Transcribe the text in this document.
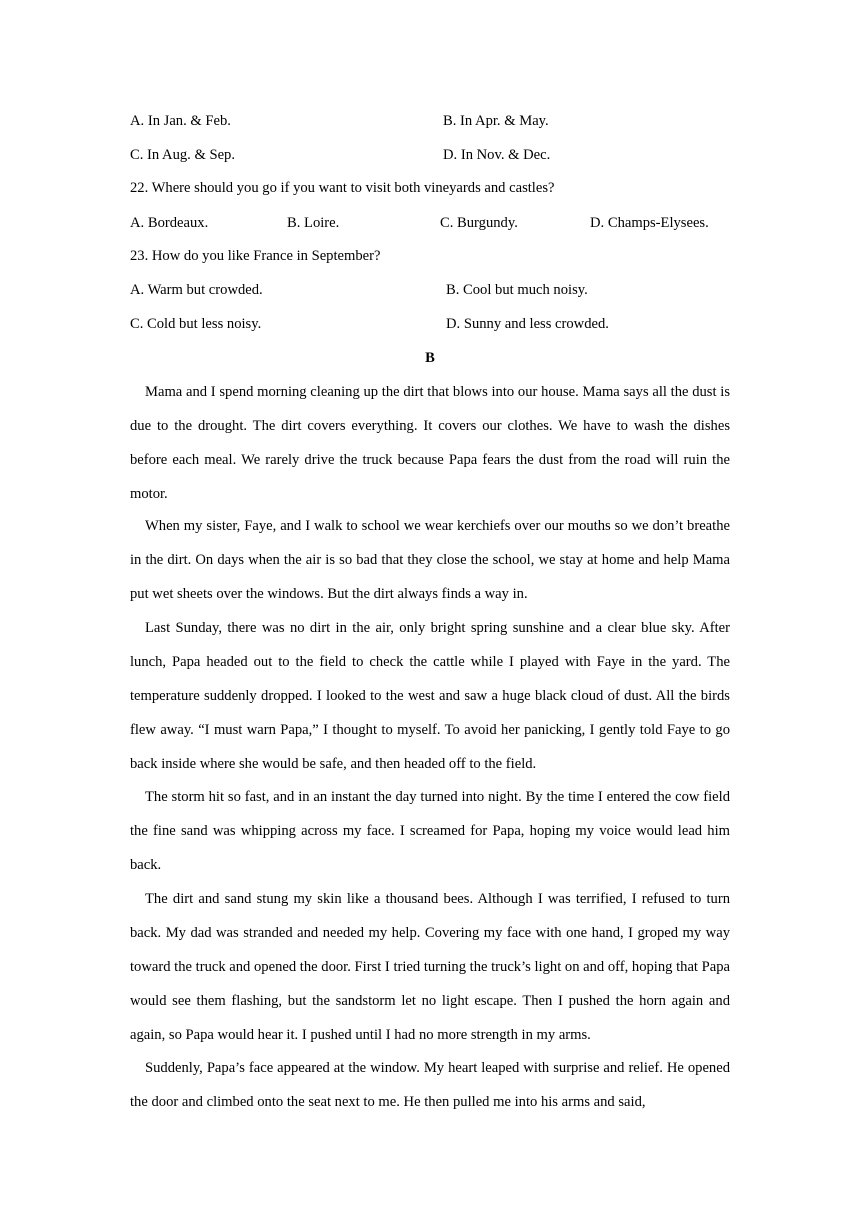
A. In Jan. & Feb.	B. In Apr. & May.
C. In Aug. & Sep.	D. In Nov. & Dec.
22. Where should you go if you want to visit both vineyards and castles?
A. Bordeaux.	B. Loire.	C. Burgundy.	D. Champs-Elysees.
23. How do you like France in September?
A. Warm but crowded.	B. Cool but much noisy.
C. Cold but less noisy.	D. Sunny and less crowded.
B

Mama and I spend morning cleaning up the dirt that blows into our house. Mama says all the dust is due to the drought. The dirt covers everything. It covers our clothes. We have to wash the dishes before each meal. We rarely drive the truck because Papa fears the dust from the road will ruin the motor.

When my sister, Faye, and I walk to school we wear kerchiefs over our mouths so we don’t breathe in the dirt. On days when the air is so bad that they close the school, we stay at home and help Mama put wet sheets over the windows. But the dirt always finds a way in.

Last Sunday, there was no dirt in the air, only bright spring sunshine and a clear blue sky. After lunch, Papa headed out to the field to check the cattle while I played with Faye in the yard. The temperature suddenly dropped. I looked to the west and saw a huge black cloud of dust. All the birds flew away. “I must warn Papa,” I thought to myself. To avoid her panicking, I gently told Faye to go back inside where she would be safe, and then headed off to the field.

The storm hit so fast, and in an instant the day turned into night. By the time I entered the cow field the fine sand was whipping across my face. I screamed for Papa, hoping my voice would lead him back.

The dirt and sand stung my skin like a thousand bees. Although I was terrified, I refused to turn back. My dad was stranded and needed my help. Covering my face with one hand, I groped my way toward the truck and opened the door. First I tried turning the truck’s light on and off, hoping that Papa would see them flashing, but the sandstorm let no light escape. Then I pushed the horn again and again, so Papa would hear it. I pushed until I had no more strength in my arms.

Suddenly, Papa’s face appeared at the window. My heart leaped with surprise and relief. He opened the door and climbed onto the seat next to me. He then pulled me into his arms and said,
